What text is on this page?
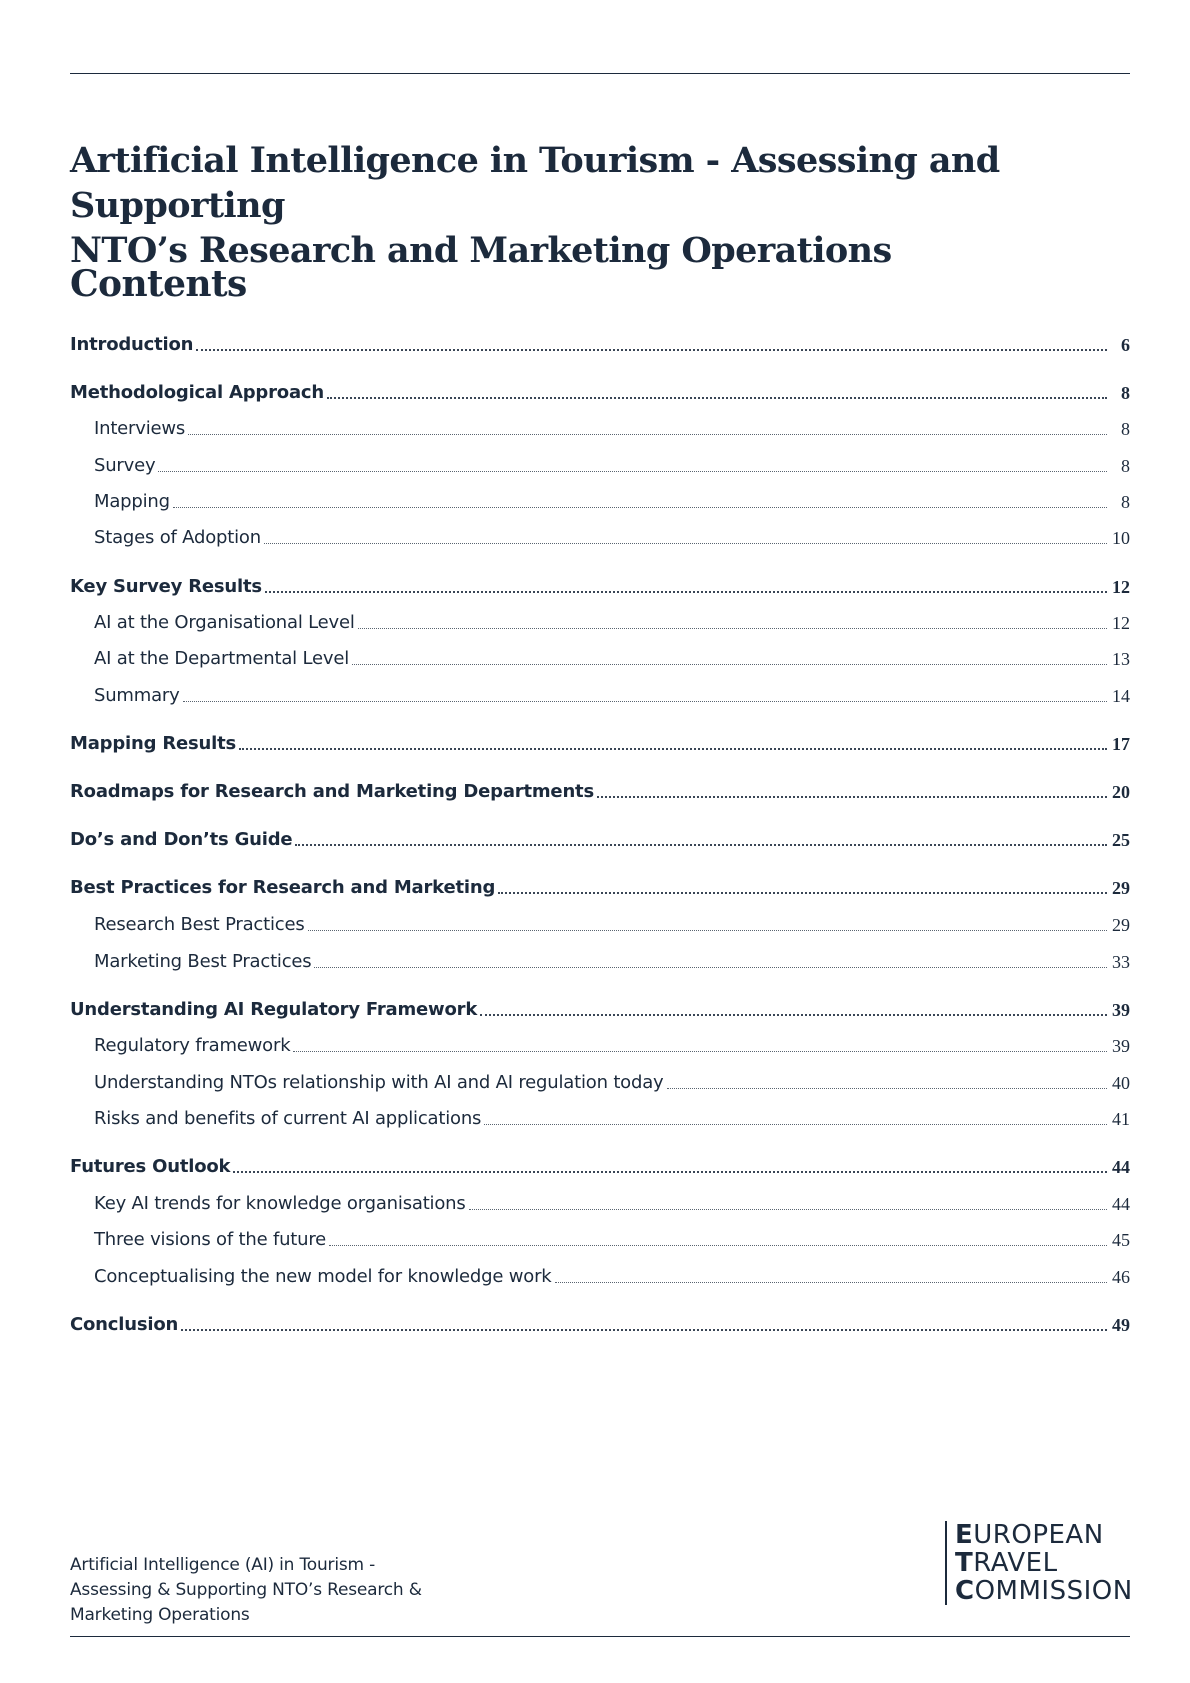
Artificial Intelligence in Tourism - Assessing and Supporting
NTO’s Research and Marketing Operations
Contents
Introduction	6
Methodological Approach	8
Interviews	8
Survey	8
Mapping	8
Stages of Adoption	10
Key Survey Results	12
AI at the Organisational Level	12
AI at the Departmental Level	13
Summary	14
Mapping Results	17
Roadmaps for Research and Marketing Departments	20
Do’s and Don’ts Guide	25
Best Practices for Research and Marketing	29
Research Best Practices	29
Marketing Best Practices	33
Understanding AI Regulatory Framework	39
Regulatory framework	39
Understanding NTOs relationship with AI and AI regulation today	40
Risks and benefits of current AI applications	41
Futures Outlook	44
Key AI trends for knowledge organisations	44
Three visions of the future	45
Conceptualising the new model for knowledge work	46
Conclusion	49
Artificial Intelligence (AI) in Tourism -
Assessing & Supporting NTO’s Research &
Marketing Operations
EUROPEAN
TRAVEL
COMMISSION
